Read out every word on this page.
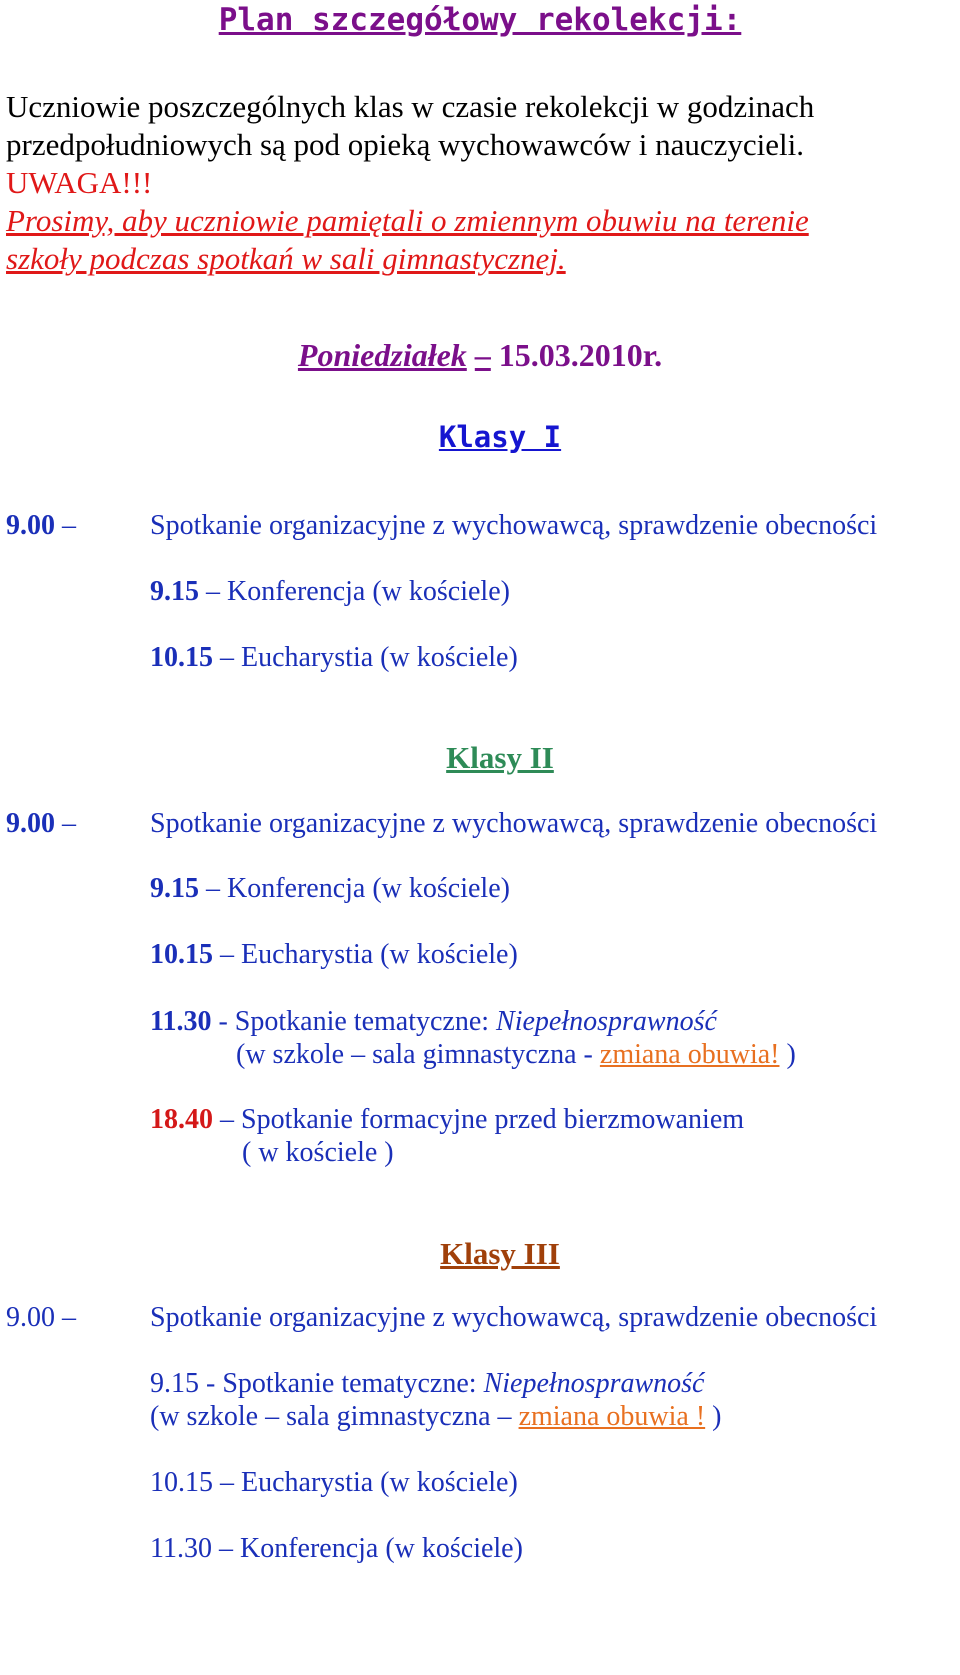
Plan szczegółowy rekolekcji:
Uczniowie poszczególnych klas w czasie rekolekcji w godzinach
przedpołudniowych są pod opieką wychowawców i nauczycieli.
UWAGA!!!
Prosimy, aby uczniowie pamiętali o zmiennym obuwiu na terenie
szkoły podczas spotkań w sali gimnastycznej.
Poniedziałek – 15.03.2010r.
Klasy I
9.00 –	Spotkanie organizacyjne z wychowawcą, sprawdzenie obecności
9.15 – Konferencja (w kościele)
10.15 – Eucharystia (w kościele)
Klasy II
9.00 –	Spotkanie organizacyjne z wychowawcą, sprawdzenie obecności
9.15 – Konferencja (w kościele)
10.15 – Eucharystia (w kościele)
11.30 - Spotkanie tematyczne: Niepełnosprawność
(w szkole – sala gimnastyczna - zmiana obuwia! )
18.40 – Spotkanie formacyjne przed bierzmowaniem
( w kościele )
Klasy III
9.00 –	Spotkanie organizacyjne z wychowawcą, sprawdzenie obecności
9.15 - Spotkanie tematyczne: Niepełnosprawność
(w szkole – sala gimnastyczna – zmiana obuwia ! )
10.15 – Eucharystia (w kościele)
11.30 – Konferencja (w kościele)
